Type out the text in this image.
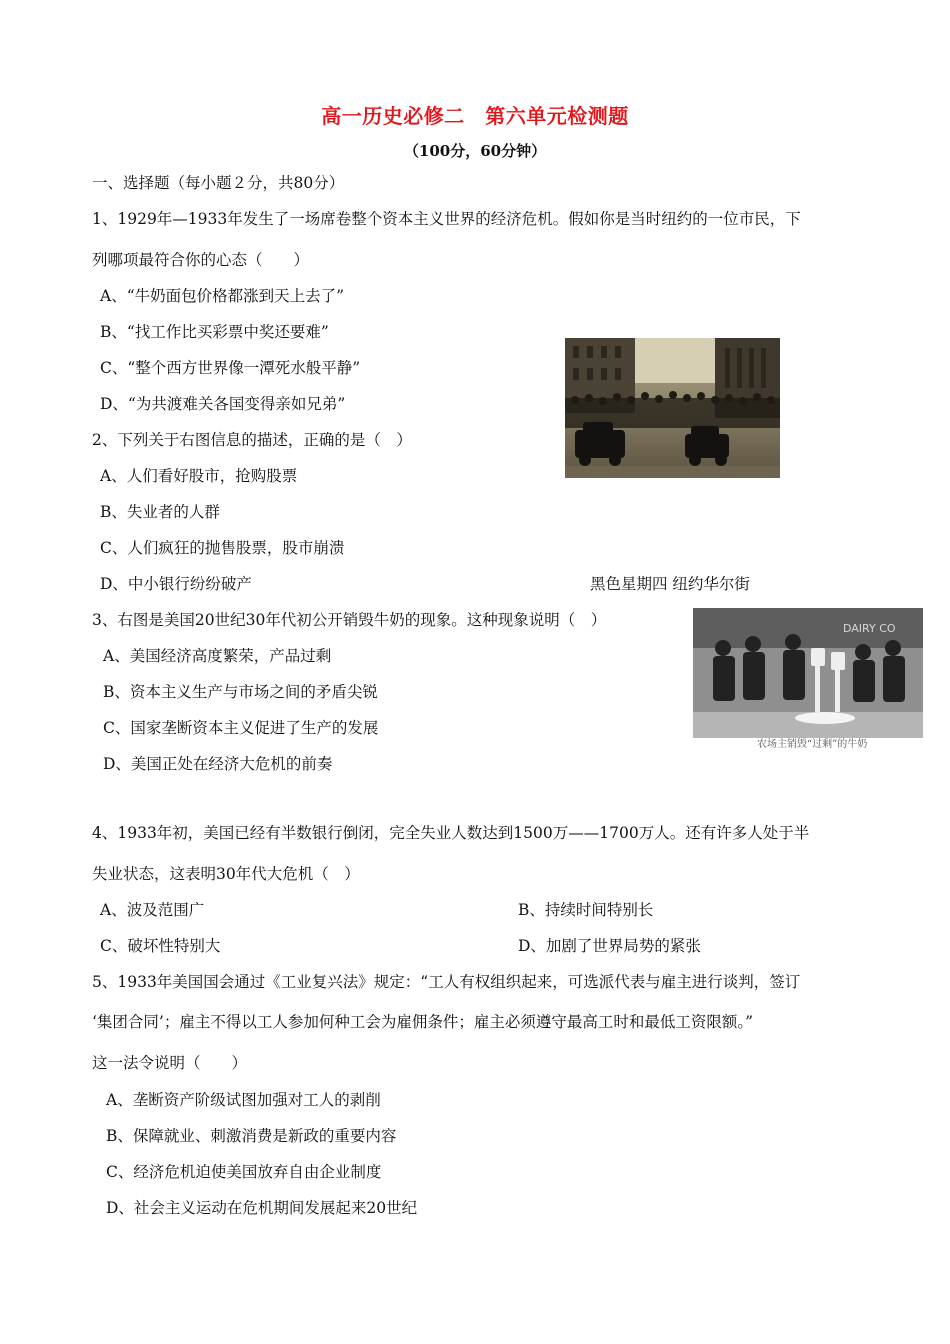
高一历史必修二　第六单元检测题
（100分，60分钟）
一、选择题（每小题２分，共80分）
1、1929年—1933年发生了一场席卷整个资本主义世界的经济危机。假如你是当时纽约的一位市民，下
列哪项最符合你的心态（　　）
A、“牛奶面包价格都涨到天上去了”
B、“找工作比买彩票中奖还要难”
C、“整个西方世界像一潭死水般平静”
D、“为共渡难关各国变得亲如兄弟”
2、下列关于右图信息的描述，正确的是（　）
A、人们看好股市，抢购股票
B、失业者的人群
C、人们疯狂的抛售股票，股市崩溃
D、中小银行纷纷破产	黑色星期四 纽约华尔街
3、右图是美国20世纪30年代初公开销毁牛奶的现象。这种现象说明（　）
A、美国经济高度繁荣，产品过剩
B、资本主义生产与市场之间的矛盾尖锐
C、国家垄断资本主义促进了生产的发展
D、美国正处在经济大危机的前奏
DAIRY CO
农场主销毁“过剩”的牛奶
4、1933年初，美国已经有半数银行倒闭，完全失业人数达到1500万——1700万人。还有许多人处于半
失业状态，这表明30年代大危机（　）
A、波及范围广	B、持续时间特别长
C、破坏性特别大	D、加剧了世界局势的紧张
5、1933年美国国会通过《工业复兴法》规定：“工人有权组织起来，可选派代表与雇主进行谈判，签订
‘集团合同’；雇主不得以工人参加何种工会为雇佣条件；雇主必须遵守最高工时和最低工资限额。”
这一法令说明（　　）
A、垄断资产阶级试图加强对工人的剥削
B、保障就业、刺激消费是新政的重要内容
C、经济危机迫使美国放弃自由企业制度
D、社会主义运动在危机期间发展起来20世纪
